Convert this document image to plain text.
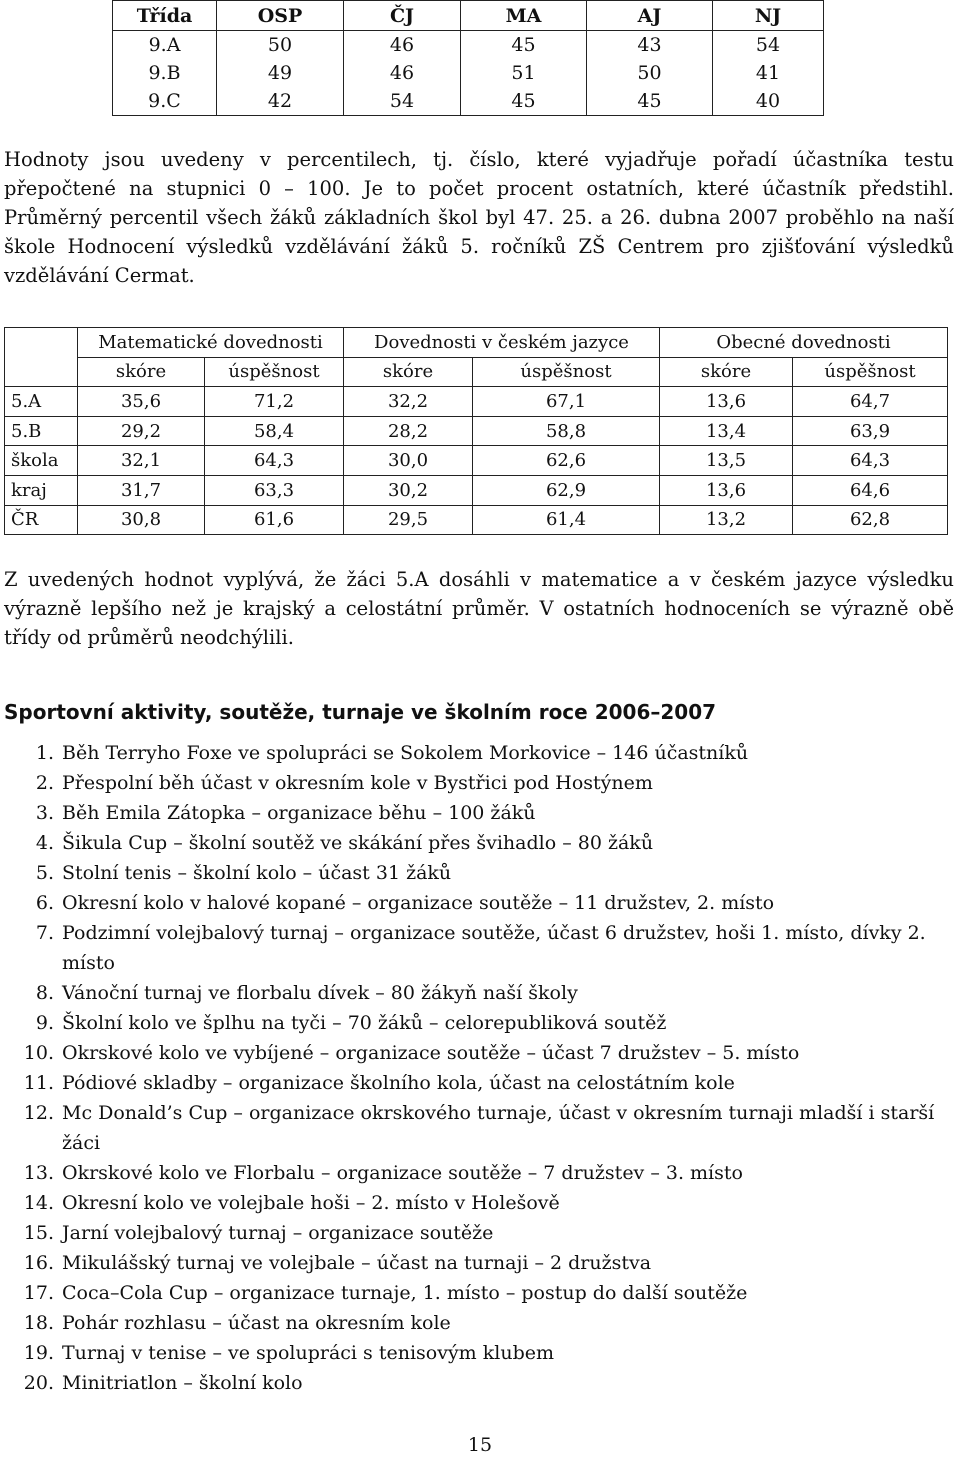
Třída	OSP	ČJ	MA	AJ	NJ
9.A	50	46	45	43	54
9.B	49	46	51	50	41
9.C	42	54	45	45	40
Hodnoty jsou uvedeny v percentilech, tj. číslo, které vyjadřuje pořadí účastníka testu přepočtené na stupnici 0 – 100. Je to počet procent ostatních, které účastník předstihl. Průměrný percentil všech žáků základních škol byl 47. 25. a 26. dubna 2007 proběhlo na naší škole Hodnocení výsledků vzdělávání žáků 5. ročníků ZŠ Centrem pro zjišťování výsledků vzdělávání Cermat.
	Matematické dovednosti		Dovednosti v českém jazyce		Obecné dovednosti	
	skóre	úspěšnost	skóre	úspěšnost	skóre	úspěšnost
5.A	35,6	71,2	32,2	67,1	13,6	64,7
5.B	29,2	58,4	28,2	58,8	13,4	63,9
škola	32,1	64,3	30,0	62,6	13,5	64,3
kraj	31,7	63,3	30,2	62,9	13,6	64,6
ČR	30,8	61,6	29,5	61,4	13,2	62,8
Z uvedených hodnot vyplývá, že žáci 5.A dosáhli v matematice a v českém jazyce výsledku výrazně lepšího než je krajský a celostátní průměr. V ostatních hodnoceních se výrazně obě třídy od průměrů neodchýlili.
Sportovní aktivity, soutěže, turnaje ve školním roce 2006–2007
1. Běh Terryho Foxe ve spolupráci se Sokolem Morkovice – 146 účastníků
2. Přespolní běh účast v okresním kole v Bystřici pod Hostýnem
3. Běh Emila Zátopka – organizace běhu – 100 žáků
4. Šikula Cup – školní soutěž ve skákání přes švihadlo – 80 žáků
5. Stolní tenis – školní kolo – účast 31 žáků
6. Okresní kolo v halové kopané – organizace soutěže – 11 družstev, 2. místo
7. Podzimní volejbalový turnaj – organizace soutěže, účast 6 družstev, hoši 1. místo, dívky 2. místo
8. Vánoční turnaj ve florbalu dívek – 80 žákyň naší školy
9. Školní kolo ve šplhu na tyči – 70 žáků – celorepubliková soutěž
10. Okrskové kolo ve vybíjené – organizace soutěže – účast 7 družstev – 5. místo
11. Pódiové skladby – organizace školního kola, účast na celostátním kole
12. Mc Donald’s Cup – organizace okrskového turnaje, účast v okresním turnaji mladší i starší žáci
13. Okrskové kolo ve Florbalu – organizace soutěže – 7 družstev – 3. místo
14. Okresní kolo ve volejbale hoši – 2. místo v Holešově
15. Jarní volejbalový turnaj – organizace soutěže
16. Mikulášský turnaj ve volejbale – účast na turnaji – 2 družstva
17. Coca–Cola Cup – organizace turnaje, 1. místo – postup do další soutěže
18. Pohár rozhlasu – účast na okresním kole
19. Turnaj v tenise – ve spolupráci s tenisovým klubem
20. Minitriatlon – školní kolo
15
